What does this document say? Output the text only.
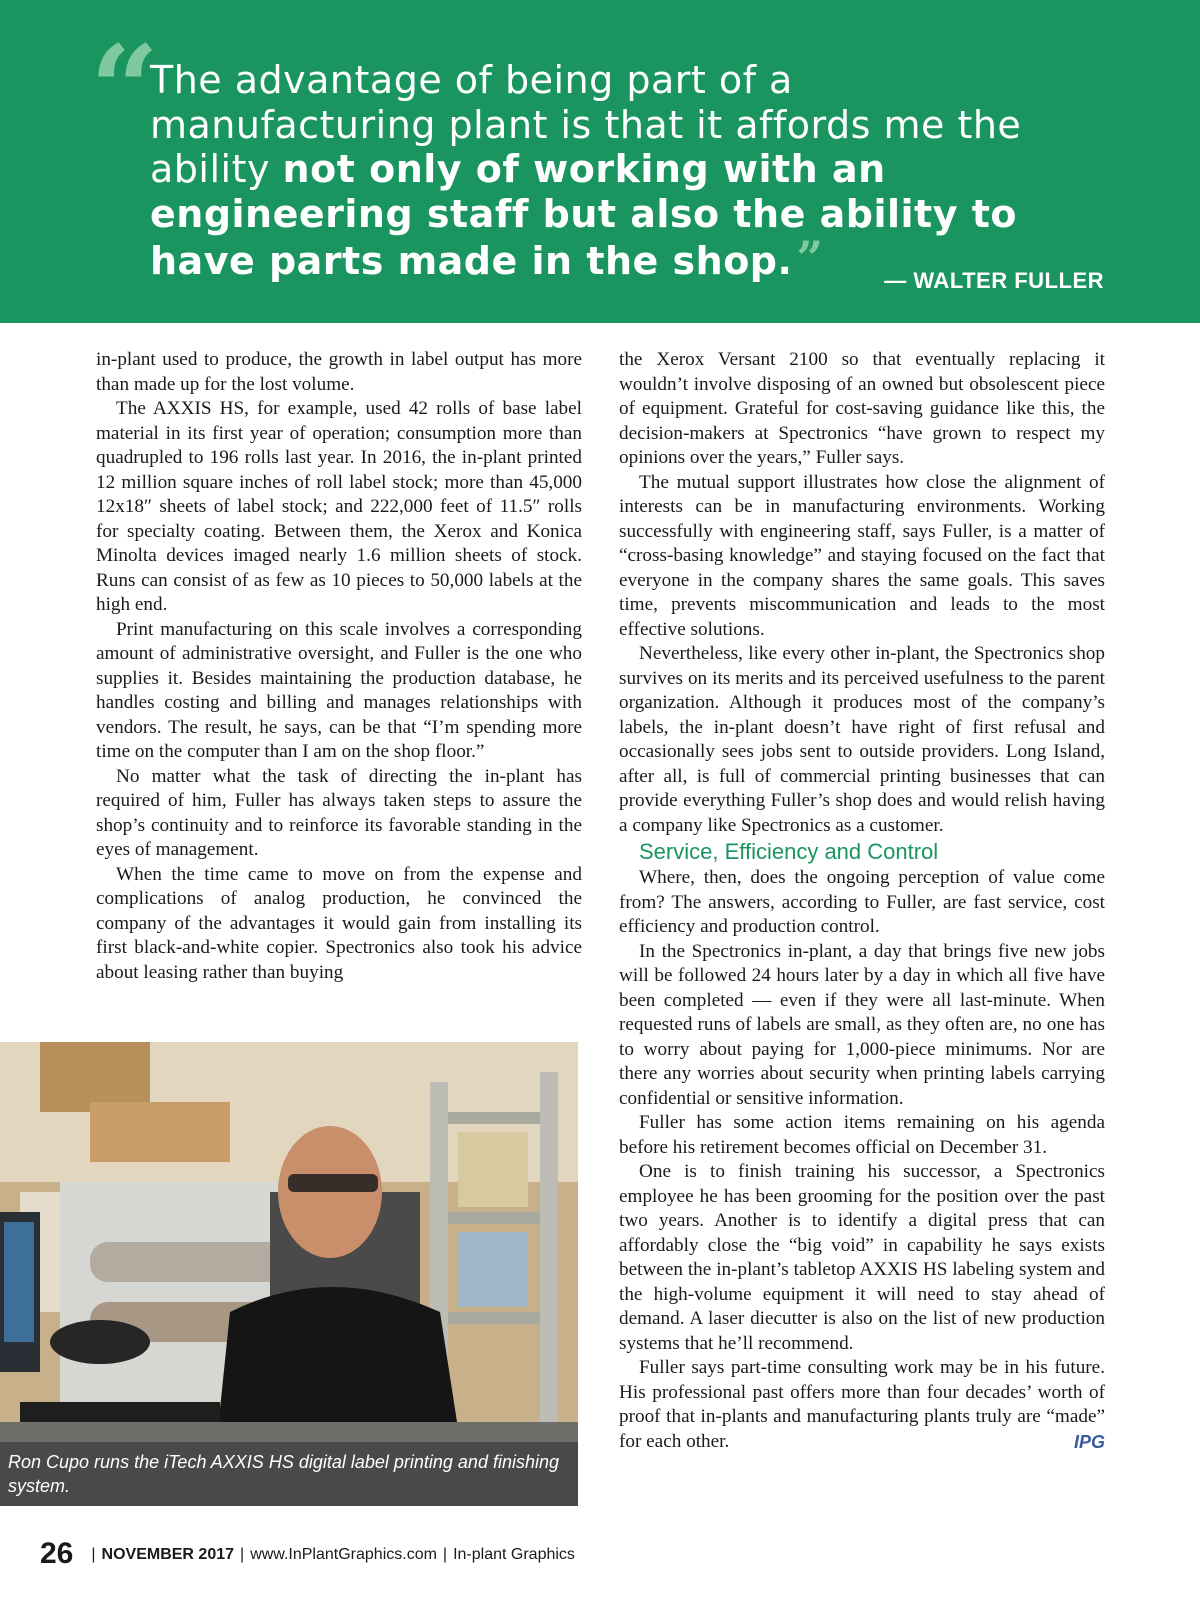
“
The advantage of being part of a manufacturing plant is that it affords me the ability not only of working with an engineering staff but also the ability to have parts made in the shop.”	— WALTER FULLER

in-plant used to produce, the growth in label output has more than made up for the lost volume.

The AXXIS HS, for example, used 42 rolls of base label material in its first year of operation; consumption more than quadrupled to 196 rolls last year. In 2016, the in-plant printed 12 million square inches of roll label stock; more than 45,000 12x18″ sheets of label stock; and 222,000 feet of 11.5″ rolls for specialty coating. Between them, the Xerox and Konica Minolta devices imaged nearly 1.6 million sheets of stock. Runs can consist of as few as 10 pieces to 50,000 labels at the high end.

Print manufacturing on this scale involves a corresponding amount of administrative oversight, and Fuller is the one who supplies it. Besides maintaining the production database, he handles costing and billing and manages relationships with vendors. The result, he says, can be that “I’m spending more time on the computer than I am on the shop floor.”

No matter what the task of directing the in-plant has required of him, Fuller has always taken steps to assure the shop’s continuity and to reinforce its favorable standing in the eyes of management.

When the time came to move on from the expense and complications of analog production, he convinced the company of the advantages it would gain from installing its first black-and-white copier. Spectronics also took his advice about leasing rather than buying

the Xerox Versant 2100 so that eventually replacing it wouldn’t involve disposing of an owned but obsolescent piece of equipment. Grateful for cost-saving guidance like this, the decision-makers at Spectronics “have grown to respect my opinions over the years,” Fuller says.

The mutual support illustrates how close the alignment of interests can be in manufacturing environments. Working successfully with engineering staff, says Fuller, is a matter of “cross-basing knowledge” and staying focused on the fact that everyone in the company shares the same goals. This saves time, prevents miscommunication and leads to the most effective solutions.

Nevertheless, like every other in-plant, the Spectronics shop survives on its merits and its perceived usefulness to the parent organization. Although it produces most of the company’s labels, the in-plant doesn’t have right of first refusal and occasionally sees jobs sent to outside providers. Long Island, after all, is full of commercial printing businesses that can provide everything Fuller’s shop does and would relish having a company like Spectronics as a customer.

Service, Efficiency and Control

Where, then, does the ongoing perception of value come from? The answers, according to Fuller, are fast service, cost efficiency and production control.

In the Spectronics in-plant, a day that brings five new jobs will be followed 24 hours later by a day in which all five have been completed — even if they were all last-minute. When requested runs of labels are small, as they often are, no one has to worry about paying for 1,000-piece minimums. Nor are there any worries about security when printing labels carrying confidential or sensitive information.

Fuller has some action items remaining on his agenda before his retirement becomes official on December 31.

One is to finish training his successor, a Spectronics employee he has been grooming for the position over the past two years. Another is to identify a digital press that can affordably close the “big void” in capability he says exists between the in-plant’s tabletop AXXIS HS labeling system and the high-volume equipment it will need to stay ahead of demand. A laser diecutter is also on the list of new production systems that he’ll recommend.

Fuller says part-time consulting work may be in his future. His professional past offers more than four decades’ worth of proof that in-plants and manufacturing plants truly are “made” for each other.	IPG

Ron Cupo runs the iTech AXXIS HS digital label printing and finishing system.
26 | NOVEMBER 2017 | www.InPlantGraphics.com | In-plant Graphics
